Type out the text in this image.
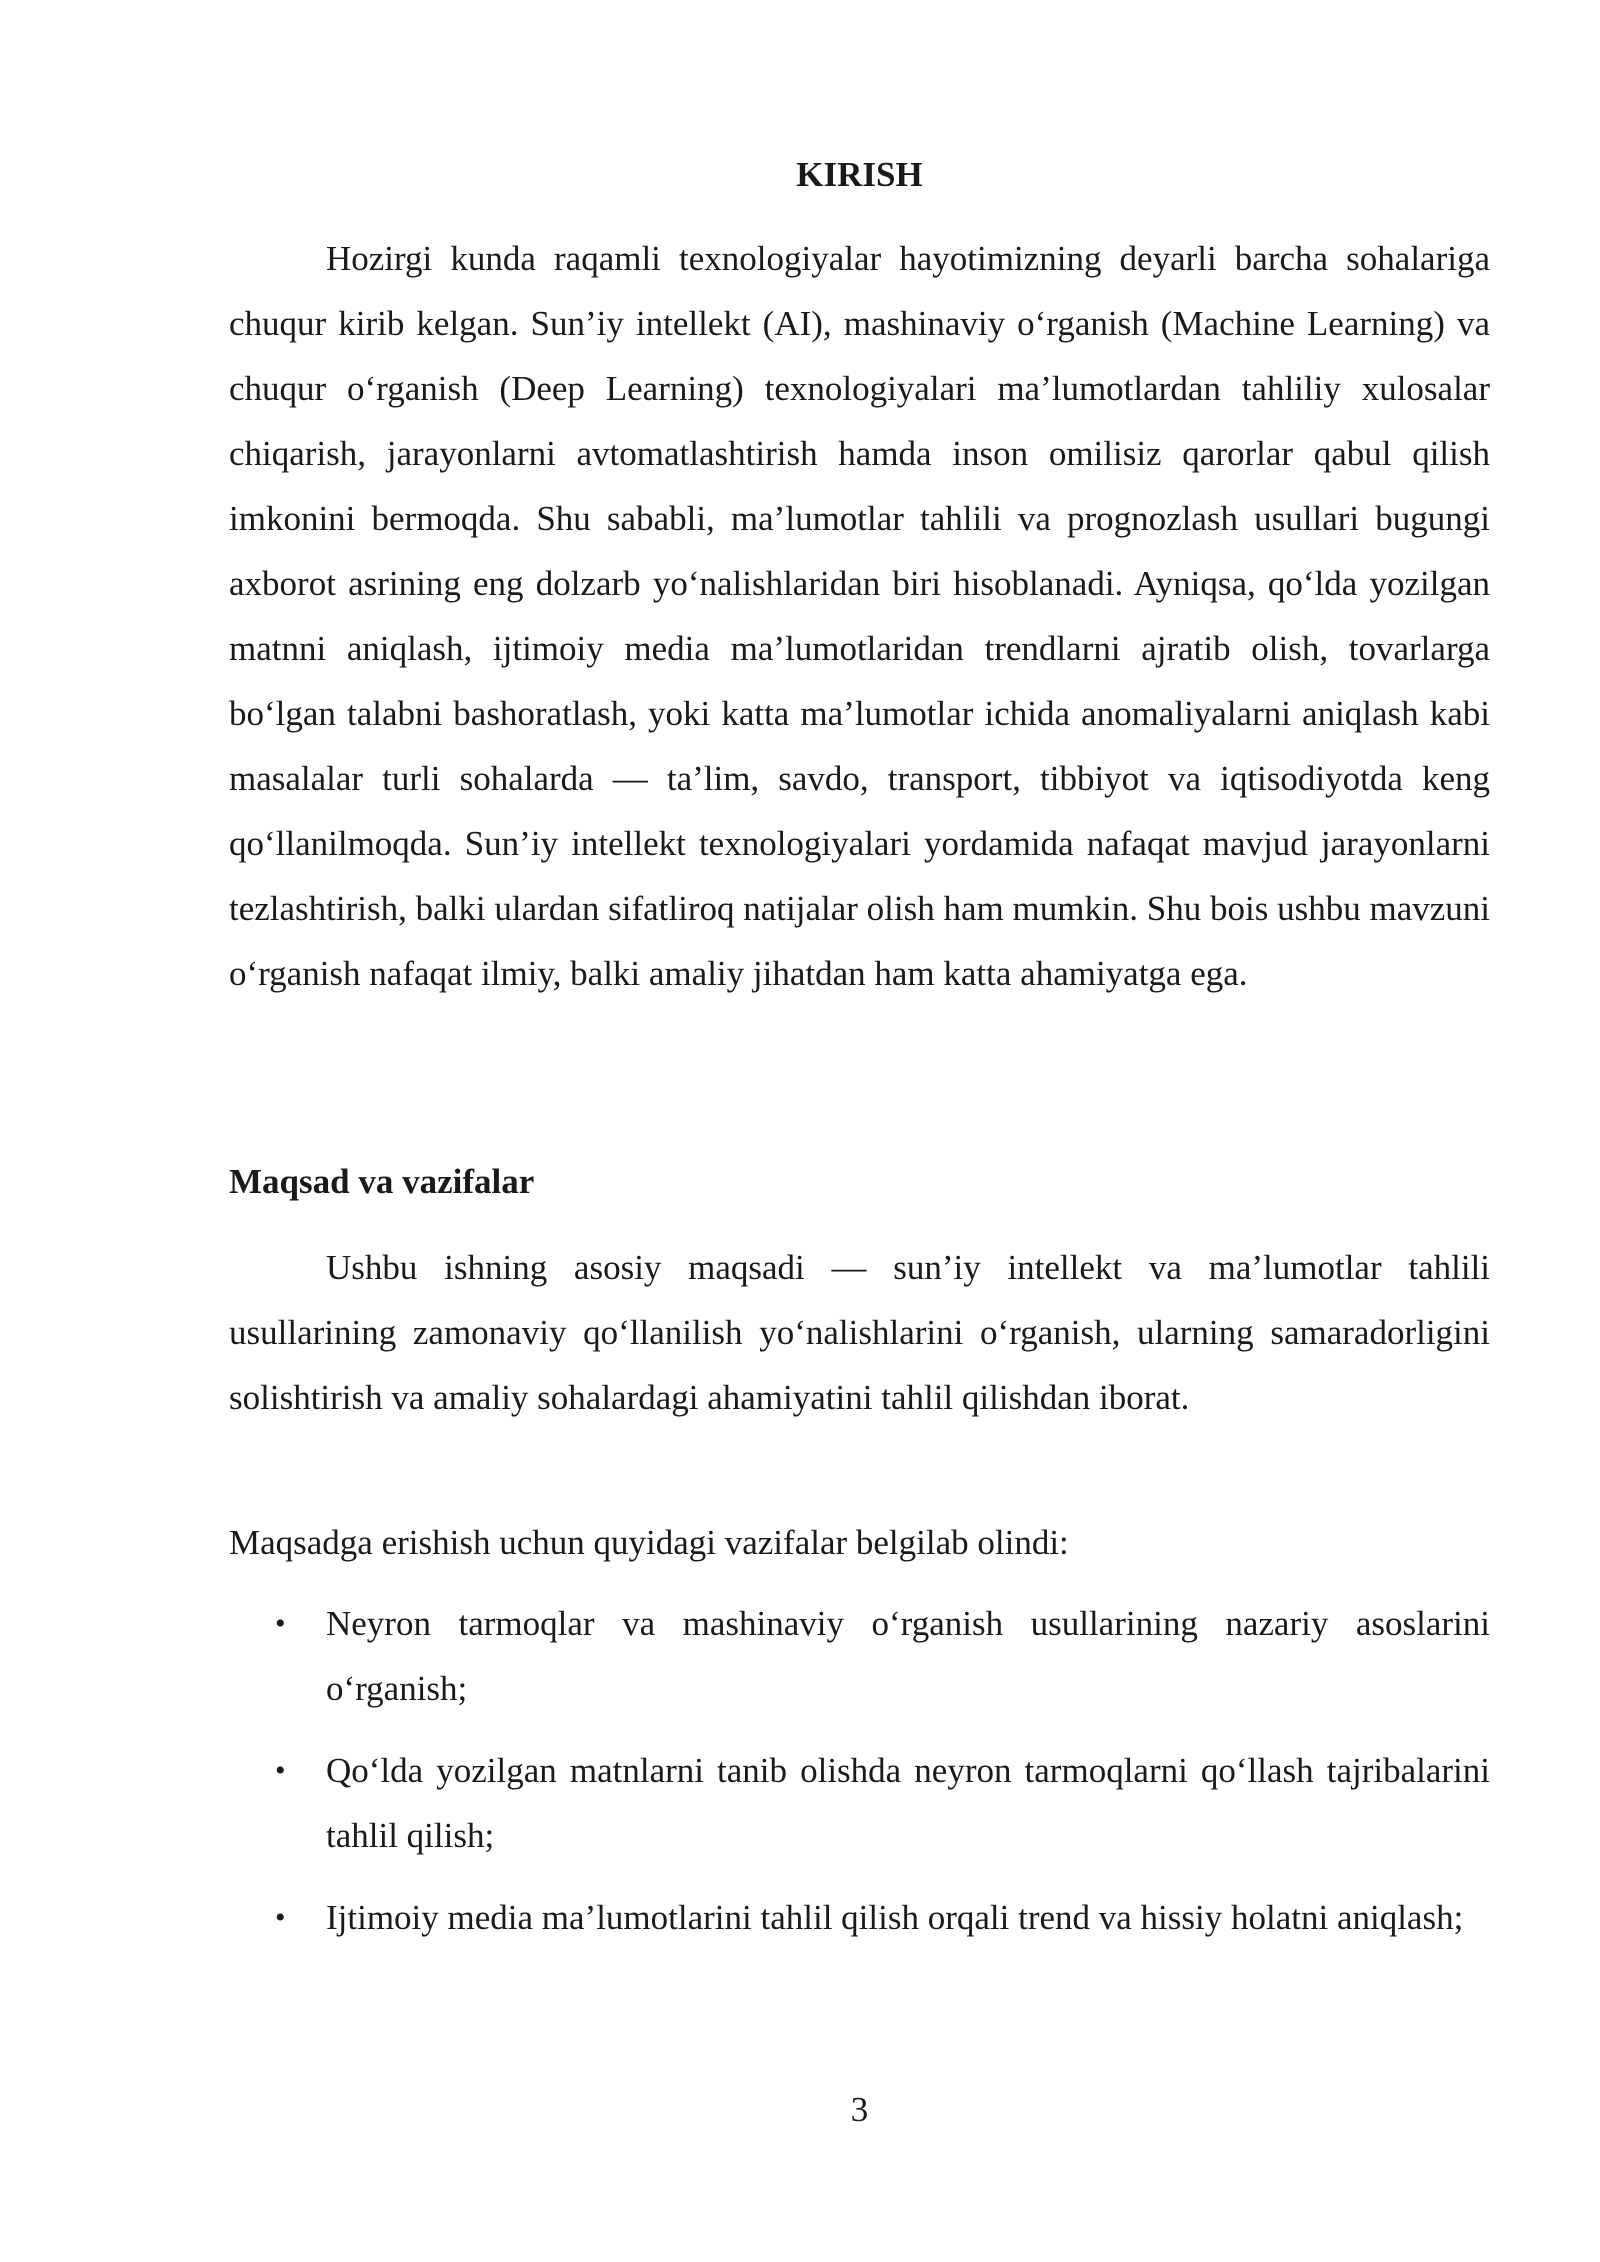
KIRISH

Hozirgi kunda raqamli texnologiyalar hayotimizning deyarli barcha sohalariga chuqur kirib kelgan. Sun’iy intellekt (AI), mashinaviy o‘rganish (Machine Learning) va chuqur o‘rganish (Deep Learning) texnologiyalari ma’lumotlardan tahliliy xulosalar chiqarish, jarayonlarni avtomatlashtirish hamda inson omilisiz qarorlar qabul qilish imkonini bermoqda. Shu sababli, ma’lumotlar tahlili va prognozlash usullari bugungi axborot asrining eng dolzarb yo‘nalishlaridan biri hisoblanadi. Ayniqsa, qo‘lda yozilgan matnni aniqlash, ijtimoiy media ma’lumotlaridan trendlarni ajratib olish, tovarlarga bo‘lgan talabni bashoratlash, yoki katta ma’lumotlar ichida anomaliyalarni aniqlash kabi masalalar turli sohalarda — ta’lim, savdo, transport, tibbiyot va iqtisodiyotda keng qo‘llanilmoqda. Sun’iy intellekt texnologiyalari yordamida nafaqat mavjud jarayonlarni tezlashtirish, balki ulardan sifatliroq natijalar olish ham mumkin. Shu bois ushbu mavzuni o‘rganish nafaqat ilmiy, balki amaliy jihatdan ham katta ahamiyatga ega.

Maqsad va vazifalar

Ushbu ishning asosiy maqsadi — sun’iy intellekt va ma’lumotlar tahlili usullarining zamonaviy qo‘llanilish yo‘nalishlarini o‘rganish, ularning samaradorligini solishtirish va amaliy sohalardagi ahamiyatini tahlil qilishdan iborat.

Maqsadga erishish uchun quyidagi vazifalar belgilab olindi:

• Neyron tarmoqlar va mashinaviy o‘rganish usullarining nazariy asoslarini o‘rganish;
• Qo‘lda yozilgan matnlarni tanib olishda neyron tarmoqlarni qo‘llash tajribalarini tahlil qilish;
• Ijtimoiy media ma’lumotlarini tahlil qilish orqali trend va hissiy holatni aniqlash;

3
